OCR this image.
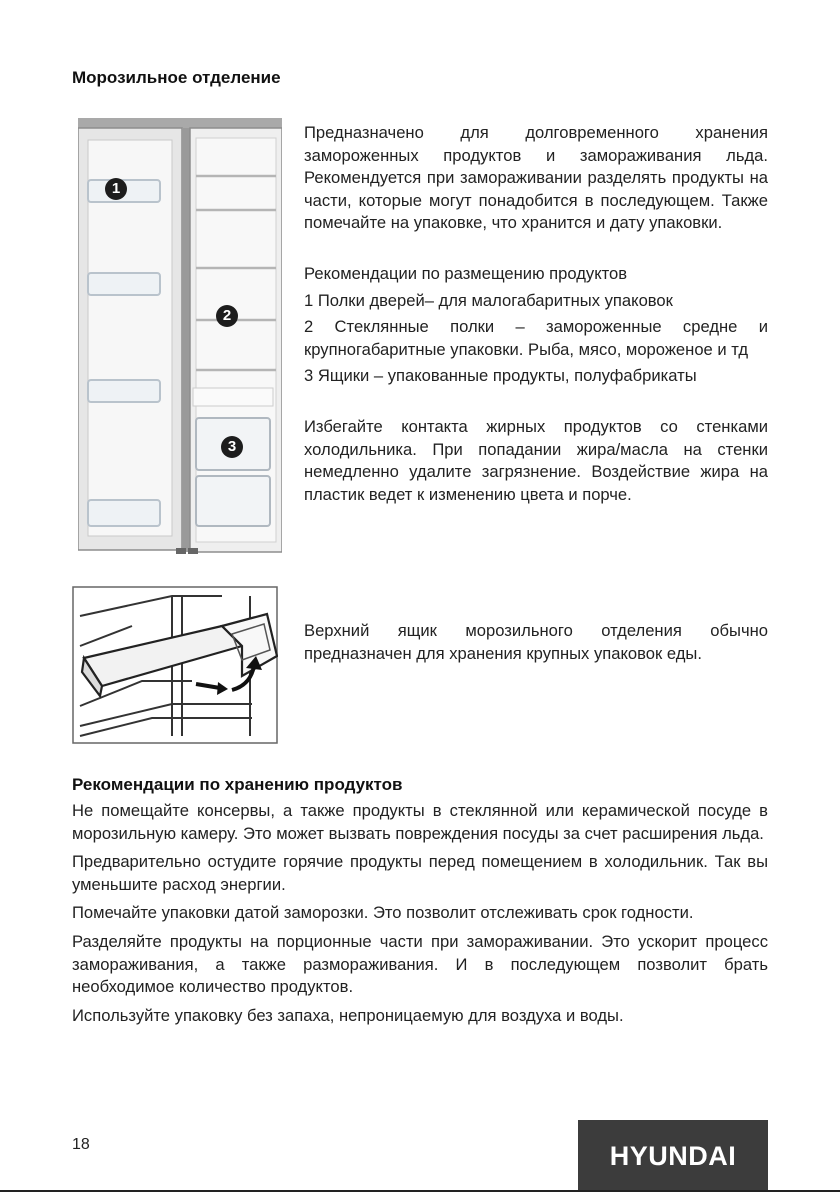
Морозильное отделение
1
2
3

Предназначено для долговременного хранения замороженных продуктов и замораживания льда. Рекомендуется при замораживании разделять продукты на части, которые могут понадобится в последующем. Также помечайте на упаковке, что хранится и дату упаковки.

Рекомендации по размещению продуктов

1 Полки дверей– для малогабаритных упаковок

2 Стеклянные полки – замороженные средне и крупногабаритные упаковки. Рыба, мясо, мороженое и тд

3 Ящики – упакованные продукты, полуфабрикаты

Избегайте контакта жирных продуктов со стенками холодильника. При попадании жира/масла на стенки немедленно удалите загрязнение. Воздействие жира на пластик ведет к изменению цвета и порче.

Верхний ящик морозильного отделения обычно предназначен для хранения крупных упаковок еды.
Рекомендации по хранению продуктов

Не помещайте консервы, а также продукты в стеклянной или керамической посуде в морозильную камеру. Это может вызвать повреждения посуды за счет расширения льда.

Предварительно остудите горячие продукты перед помещением в холодильник. Так вы уменьшите расход энергии.

Помечайте упаковки датой заморозки. Это позволит отслеживать срок годности.

Разделяйте продукты на порционные части при замораживании. Это ускорит процесс замораживания, а также размораживания. И в последующем позволит брать необходимое количество продуктов.

Используйте упаковку без запаха, непроницаемую для воздуха и воды.

18	HYUNDAI
